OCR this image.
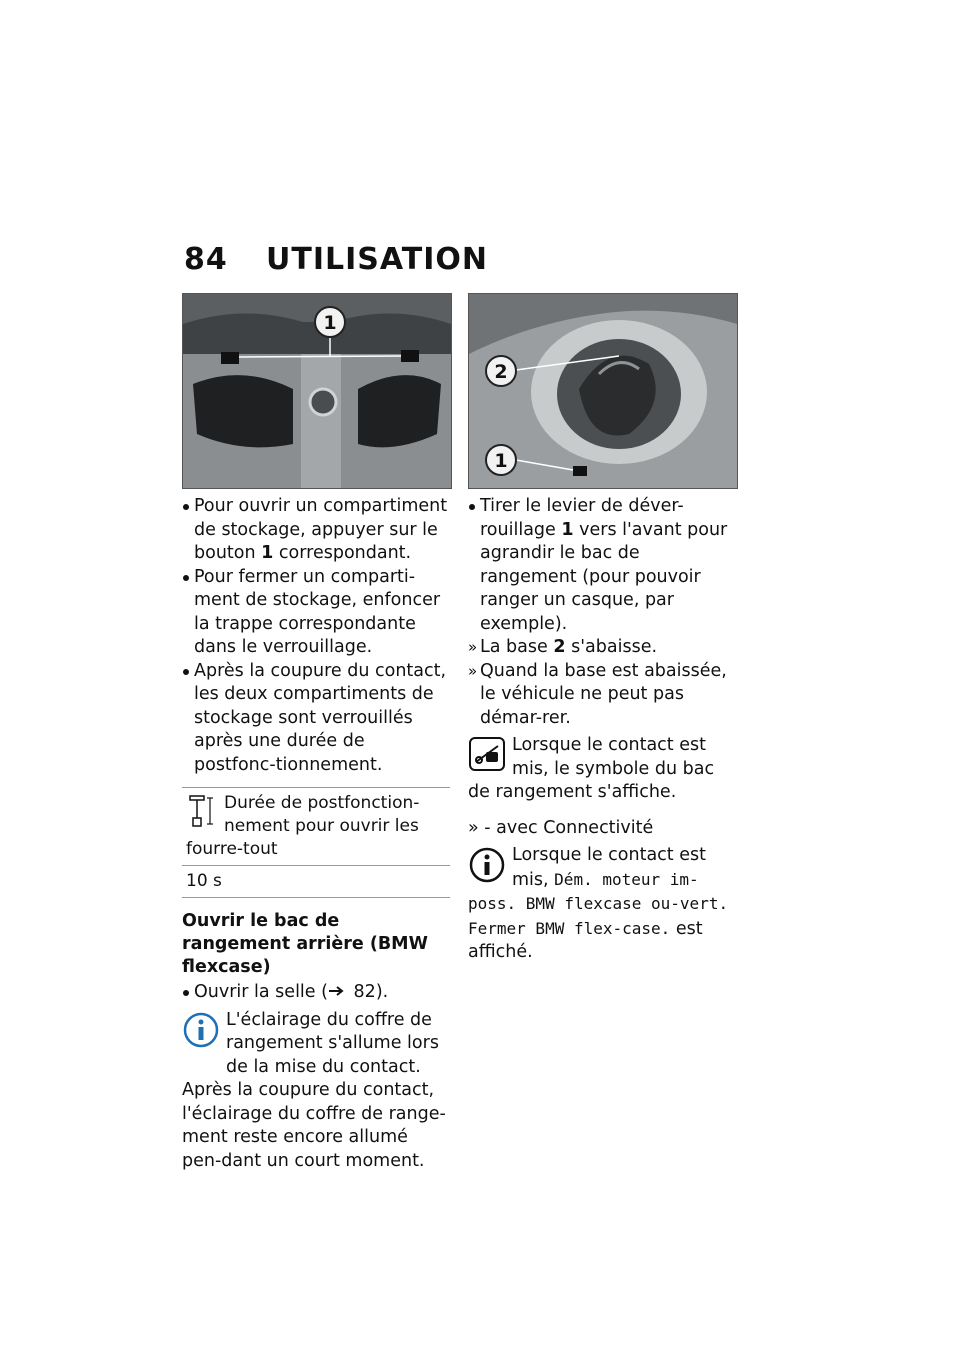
84 UTILISATION
1
Pour ouvrir un compartiment de stockage, appuyer sur le bouton 1 correspondant.
Pour fermer un comparti-ment de stockage, enfoncer la trappe correspondante dans le verrouillage.
Après la coupure du contact, les deux compartiments de stockage sont verrouillés après une durée de postfonc-tionnement.
Durée de postfonction-nement pour ouvrir les fourre-tout
10 s
Ouvrir le bac de rangement arrière (BMW flexcase)
Ouvrir la selle ( 82).

L'éclairage du coffre de rangement s'allume lors de la mise du contact.

Après la coupure du contact, l'éclairage du coffre de range-ment reste encore allumé pen-dant un court moment.

2
1
Tirer le levier de déver-rouillage 1 vers l'avant pour agrandir le bac de rangement (pour pouvoir ranger un casque, par exemple).
» La base 2 s'abaisse.
» Quand la base est abaissée, le véhicule ne peut pas démar-rer.

Lorsque le contact est mis, le symbole du bac de rangement s'affiche.

» - avec Connectivité

Lorsque le contact est mis, Dém. moteur im-poss. BMW flexcase ou-vert. Fermer BMW flex-case. est affiché.
